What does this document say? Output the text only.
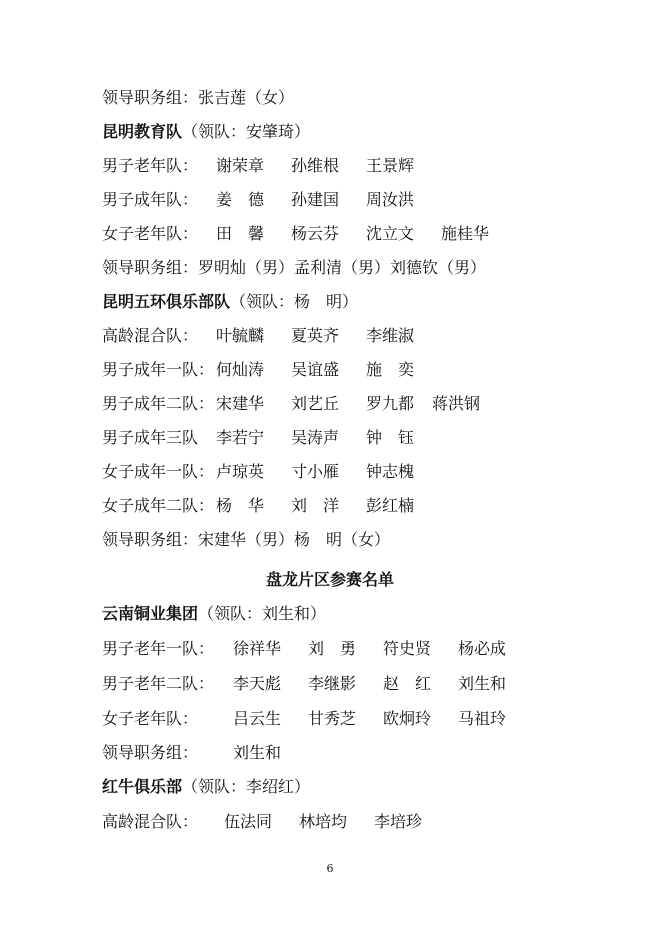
领导职务组：张吉莲（女）
昆明教育队（领队：安肇琦）
男子老年队： 谢荣章 孙维根 王景辉
男子成年队： 姜　德 孙建国 周汝洪
女子老年队： 田　馨 杨云芬 沈立文 施桂华
领导职务组：罗明灿（男）孟利清（男）刘德钦（男）
昆明五环俱乐部队（领队：杨　明）
高龄混合队： 叶毓麟 夏英齐 李维淑
男子成年一队： 何灿涛 吴谊盛 施　奕
男子成年二队： 宋建华 刘艺丘 罗九都 蒋洪钢
男子成年三队 李若宁 吴涛声 钟　钰
女子成年一队： 卢琼英 寸小雁 钟志槐
女子成年二队： 杨　华 刘　洋 彭红楠
领导职务组：宋建华（男）杨　明（女）
盘龙片区参赛名单
云南铜业集团（领队：刘生和）
男子老年一队： 徐祥华 刘　勇 符史贤 杨必成
男子老年二队： 李天彪 李继影 赵　红 刘生和
女子老年队： 吕云生 甘秀芝 欧炯玲 马祖玲
领导职务组： 刘生和
红牛俱乐部（领队：李绍红）
高龄混合队： 伍法同 林培均 李培珍
6
